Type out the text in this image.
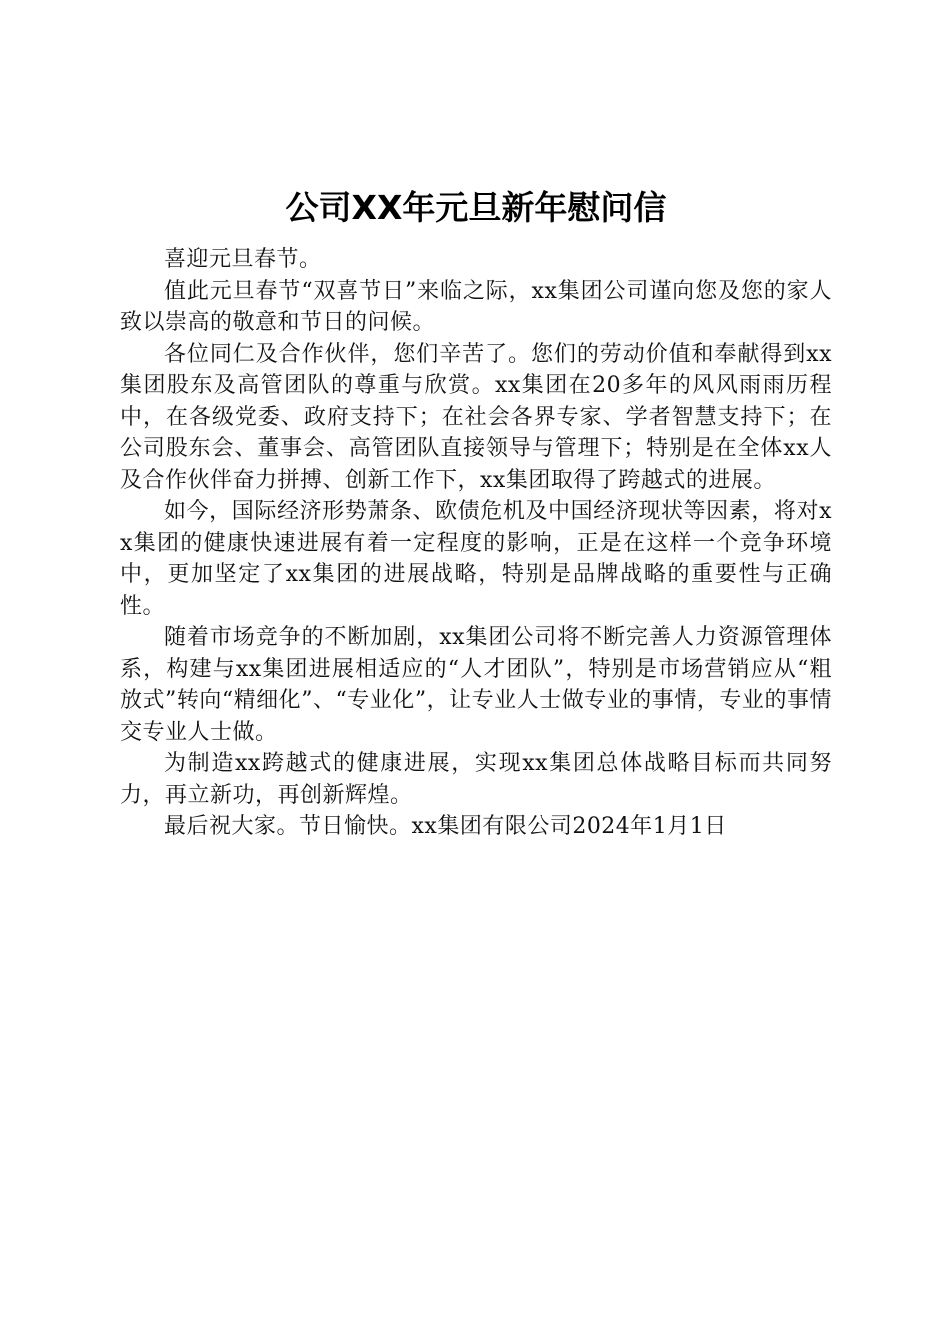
公司XX年元旦新年慰问信

喜迎元旦春节。

值此元旦春节“双喜节日”来临之际，xx集团公司谨向您及您的家人致以崇高的敬意和节日的问候。

各位同仁及合作伙伴，您们辛苦了。您们的劳动价值和奉献得到xx集团股东及高管团队的尊重与欣赏。xx集团在20多年的风风雨雨历程中，在各级党委、政府支持下；在社会各界专家、学者智慧支持下；在公司股东会、董事会、高管团队直接领导与管理下；特别是在全体xx人及合作伙伴奋力拼搏、创新工作下，xx集团取得了跨越式的进展。

如今，国际经济形势萧条、欧债危机及中国经济现状等因素，将对xx集团的健康快速进展有着一定程度的影响，正是在这样一个竞争环境中，更加坚定了xx集团的进展战略，特别是品牌战略的重要性与正确性。

随着市场竞争的不断加剧，xx集团公司将不断完善人力资源管理体系，构建与xx集团进展相适应的“人才团队”，特别是市场营销应从“粗放式”转向“精细化”、“专业化”，让专业人士做专业的事情，专业的事情交专业人士做。

为制造xx跨越式的健康进展，实现xx集团总体战略目标而共同努力，再立新功，再创新辉煌。

最后祝大家。节日愉快。xx集团有限公司2024年1月1日
